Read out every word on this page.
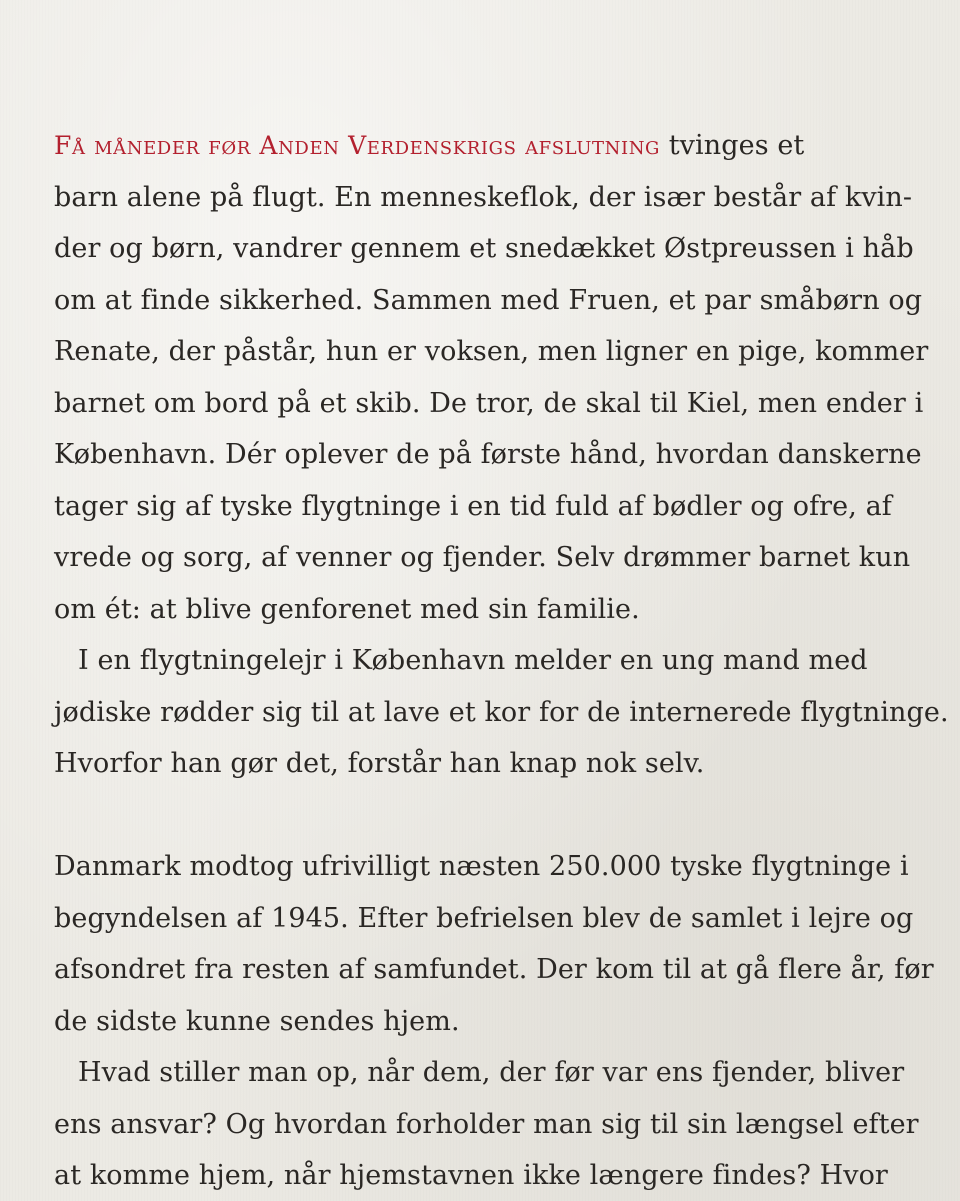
Få måneder før Anden Verdenskrigs afslutning tvinges et
barn alene på flugt. En menneskeflok, der især består af kvin-
der og børn, vandrer gennem et snedækket Østpreussen i håb
om at finde sikkerhed. Sammen med Fruen, et par småbørn og
Renate, der påstår, hun er voksen, men ligner en pige, kommer
barnet om bord på et skib. De tror, de skal til Kiel, men ender i
København. Dér oplever de på første hånd, hvordan danskerne
tager sig af tyske flygtninge i en tid fuld af bødler og ofre, af
vrede og sorg, af venner og fjender. Selv drømmer barnet kun
om ét: at blive genforenet med sin familie.
I en flygtningelejr i København melder en ung mand med
jødiske rødder sig til at lave et kor for de internerede flygtninge.
Hvorfor han gør det, forstår han knap nok selv.
Danmark modtog ufrivilligt næsten 250.000 tyske flygtninge i
begyndelsen af 1945. Efter befrielsen blev de samlet i lejre og
afsondret fra resten af samfundet. Der kom til at gå flere år, før
de sidste kunne sendes hjem.
Hvad stiller man op, når dem, der før var ens fjender, bliver
ens ansvar? Og hvordan forholder man sig til sin længsel efter
at komme hjem, når hjemstavnen ikke længere findes? Hvor
